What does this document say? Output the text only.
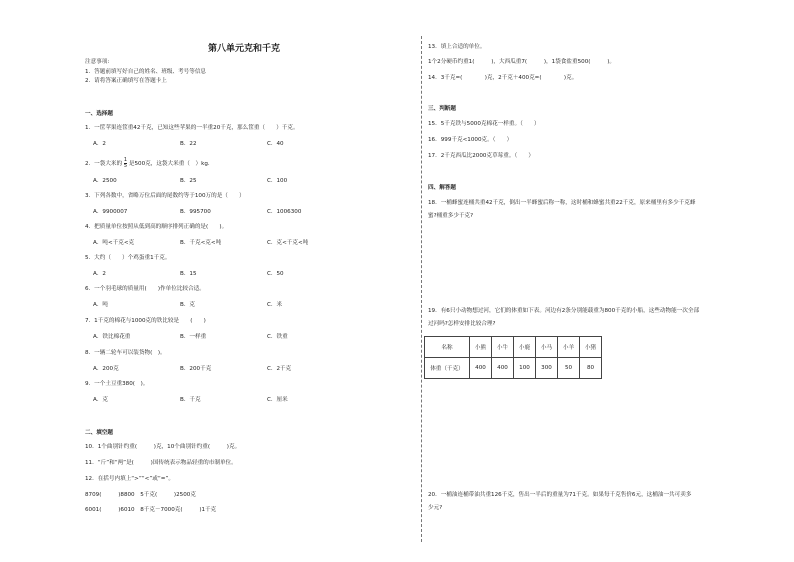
第八单元克和千克
注意事项:
1．答题前填写好自己的姓名、班级、考号等信息
2．请将答案正确填写在答题卡上
一、选择题
1．一筐苹果连筐重42千克，已知这些苹果的一半重20千克，那么筐重（　　）千克。
A．2	B．22	C．40
2．一袋大米的 $\frac{1}{5}$ 是500克，这袋大米重（　）kg.
A．2500	B．25	C．100
3．下列各数中，省略万位后面的尾数约等于100万的是（　　）
A．9900007	B．995700	C．1006300
4．把质量单位按照从低到高的顺序排列正确的是(　　)。
A．吨<千克<克	B．千克<克<吨	C．克<千克<吨
5．大约（　　）个鸡蛋重1千克。
A．2	B．15	C．50
6．一个羽毛球的质量用(　　)作单位比较合适。
A．吨	B．克	C．米
7．1千克的棉花与1000克的铁比较是　　(　　)
A．铁比棉花重	B．一样重	C．铁重
8．一辆二轮车可以装货物(　)。
A．200克	B．200千克	C．2千克
9．一个土豆重380(　)。
A．克	B．千克	C．厘米
二、填空题
10．1个曲别针约重(　　　)克，10个曲别针约重(　　　)克。
11．“斤”和“两”是(　　　)国传统表示物品轻重的市制单位。
12．在括号内填上“>”“<”或“=”。
8709(　　　)8800　5千克(　　　)2500克
6001(　　　)6010　8千克－7000克(　　　)1千克
13．填上合适的单位。
1个2分硬币约重1(　　　)，大西瓜重7(　　　)，1袋食盐重500(　　　)。
14．3千克=(　　　　)克，2千克＋400克=(　　　　)克。
三、判断题
15．5千克铁与5000克棉花一样重。（　　）
16．999千克<1000克。（　　）
17．2千克西瓜比2000克草莓重。（　　）
四、解答题
18．一桶蜂蜜连桶共重42千克，倒出一半蜂蜜后称一称，这时桶和蜂蜜共重22千克，原来桶里有多少千克蜂
蜜?桶重多少千克?
19．有6只小动物想过河，它们的体重如下表。河边有2条分别能载重为800千克的小船，这些动物能一次全部
过河吗?怎样安排比较合理?
名称	小熊	小牛	小鹿	小马	小羊	小猪
体重（千克）	400	400	100	300	50	80
20．一桶油连桶带油共重126千克，售出一半后的重量为71千克。如果每千克售价6元，这桶油一共可卖多
少元?
